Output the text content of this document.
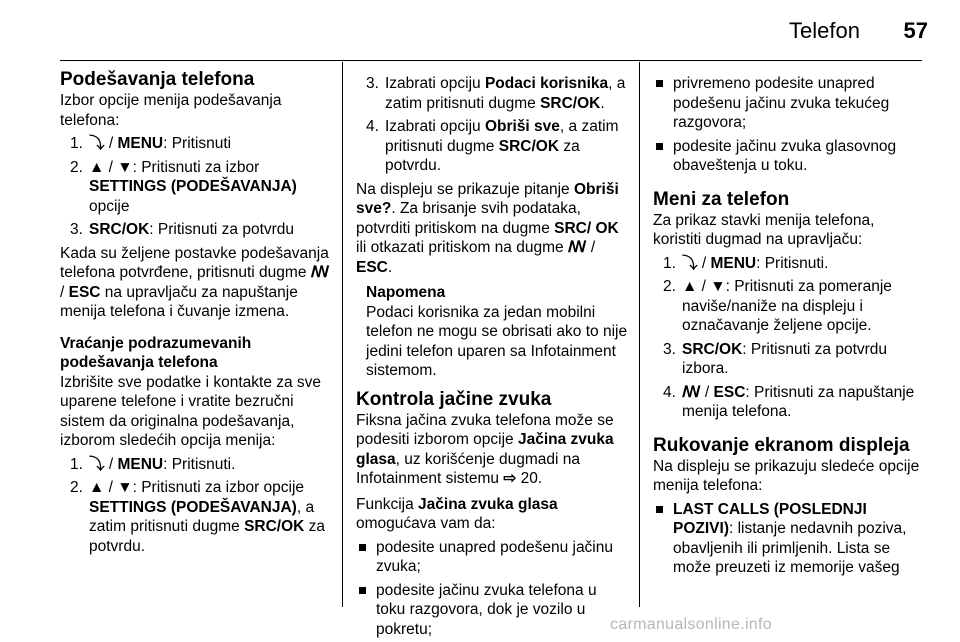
Telefon	57

Podešavanja telefona

Izbor opcije menija podešavanja telefona:

1. ⤵ / MENU: Pritisnuti
2. ▲ / ▼: Pritisnuti za izbor
SETTINGS (PODEŠAVANJA)
opcije
3. SRC/OK: Pritisnuti za potvrdu

Kada su željene postavke podešavanja telefona potvrđene, pritisnuti dugme ꟿ / ESC na upravljaču za napuštanje menija telefona i čuvanje izmena.

Vraćanje podrazumevanih podešavanja telefona

Izbrišite sve podatke i kontakte za sve uparene telefone i vratite bezručni sistem da originalna podešavanja, izborom sledećih opcija menija:

1. ⤵ / MENU: Pritisnuti.
2. ▲ / ▼: Pritisnuti za izbor opcije SETTINGS (PODEŠAVANJA), a zatim pritisnuti dugme SRC/OK za potvrdu.
3. Izabrati opciju Podaci korisnika, a zatim pritisnuti dugme SRC/OK.
4. Izabrati opciju Obriši sve, a zatim pritisnuti dugme SRC/OK za potvrdu.

Na displeju se prikazuje pitanje Obriši sve?. Za brisanje svih podataka, potvrditi pritiskom na dugme SRC/ OK ili otkazati pritiskom na dugme ꟿ / ESC.

Napomena

Podaci korisnika za jedan mobilni telefon ne mogu se obrisati ako to nije jedini telefon uparen sa Infotainment sistemom.

Kontrola jačine zvuka

Fiksna jačina zvuka telefona može se podesiti izborom opcije Jačina zvuka glasa, uz korišćenje dugmadi na Infotainment sistemu ⇨ 20.

Funkcija Jačina zvuka glasa omogućava vam da:

podesite unapred podešenu jačinu zvuka;
podesite jačinu zvuka telefona u toku razgovora, dok je vozilo u pokretu;
privremeno podesite unapred podešenu jačinu zvuka tekućeg razgovora;
podesite jačinu zvuka glasovnog obaveštenja u toku.

Meni za telefon

Za prikaz stavki menija telefona, koristiti dugmad na upravljaču:

1. ⤵ / MENU: Pritisnuti.
2. ▲ / ▼: Pritisnuti za pomeranje naviše/naniže na displeju i označavanje željene opcije.
3. SRC/OK: Pritisnuti za potvrdu izbora.
4. ꟿ / ESC: Pritisnuti za napuštanje menija telefona.

Rukovanje ekranom displeja

Na displeju se prikazuju sledeće opcije menija telefona:

LAST CALLS (POSLEDNJI POZIVI): listanje nedavnih poziva, obavljenih ili primljenih. Lista se može preuzeti iz memorije vašeg
carmanualsonline.info
